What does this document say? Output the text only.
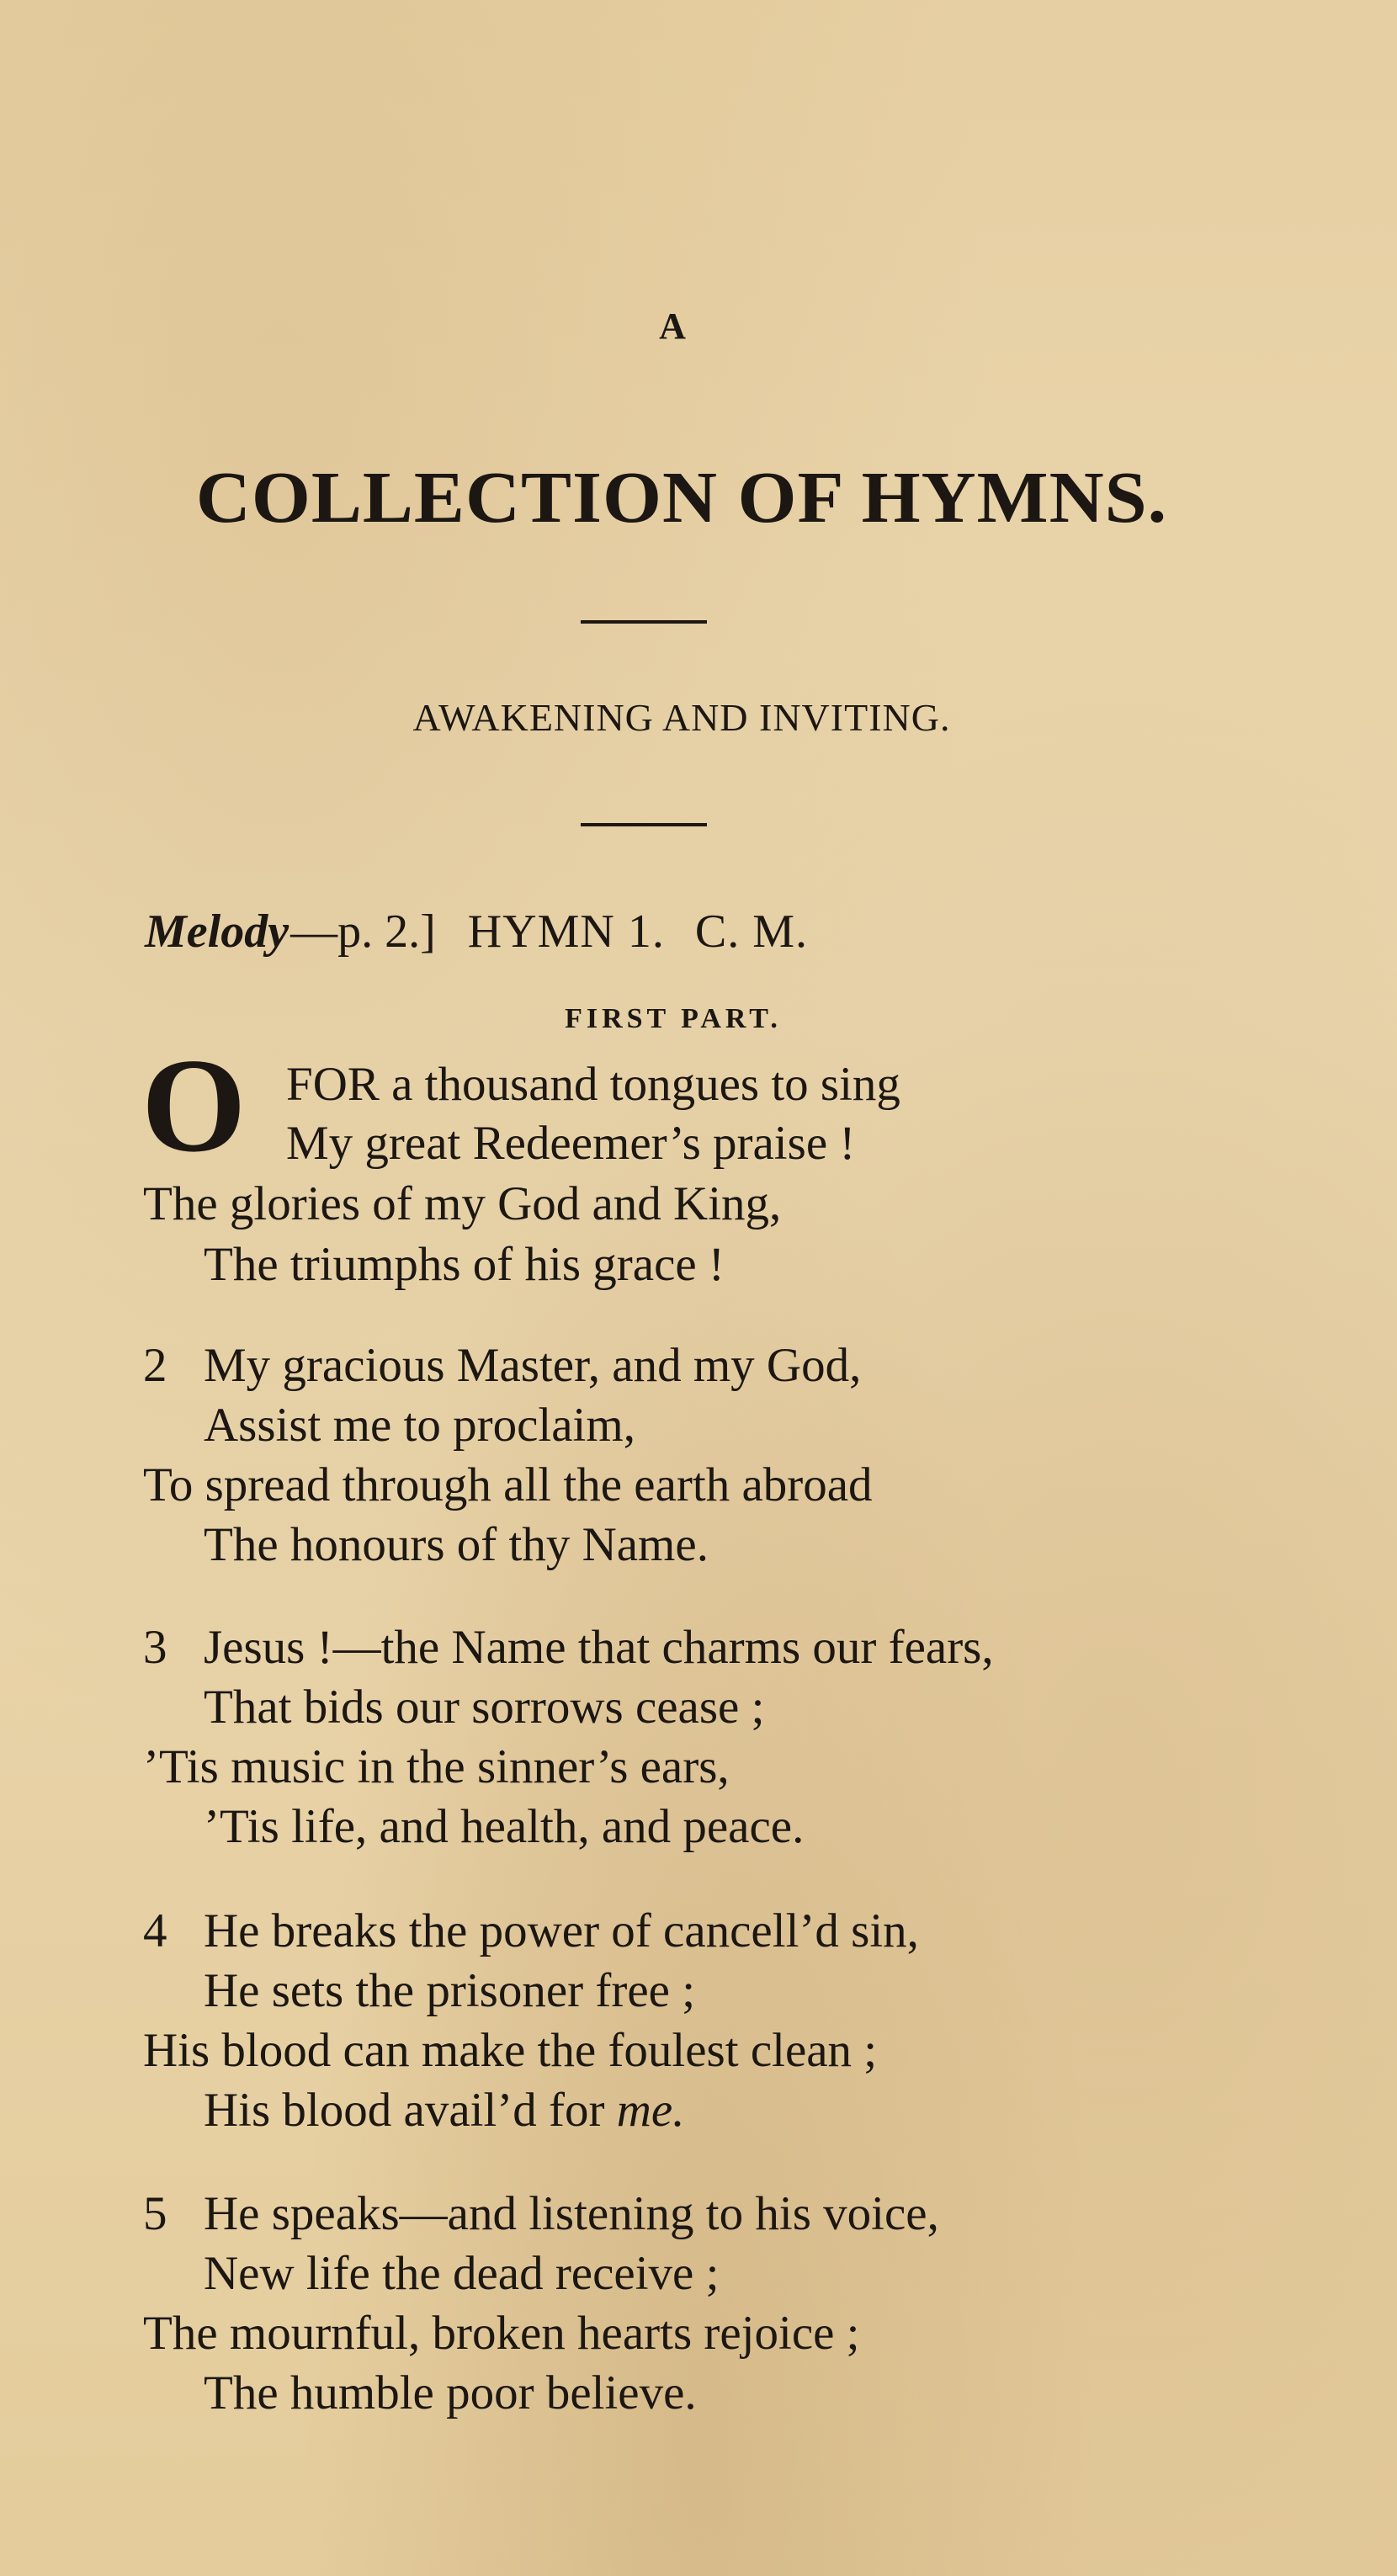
A
COLLECTION OF HYMNS.
AWAKENING AND INVITING.
Melody—p. 2.] HYMN 1. C. M.
FIRST PART.
O FOR a thousand tongues to sing
My great Redeemer’s praise !
The glories of my God and King,
The triumphs of his grace !
2 My gracious Master, and my God,
Assist me to proclaim,
To spread through all the earth abroad
The honours of thy Name.
3 Jesus !—the Name that charms our fears,
That bids our sorrows cease ;
’Tis music in the sinner’s ears,
’Tis life, and health, and peace.
4 He breaks the power of cancell’d sin,
He sets the prisoner free ;
His blood can make the foulest clean ;
His blood avail’d for me.
5 He speaks—and listening to his voice,
New life the dead receive ;
The mournful, broken hearts rejoice ;
The humble poor believe.
